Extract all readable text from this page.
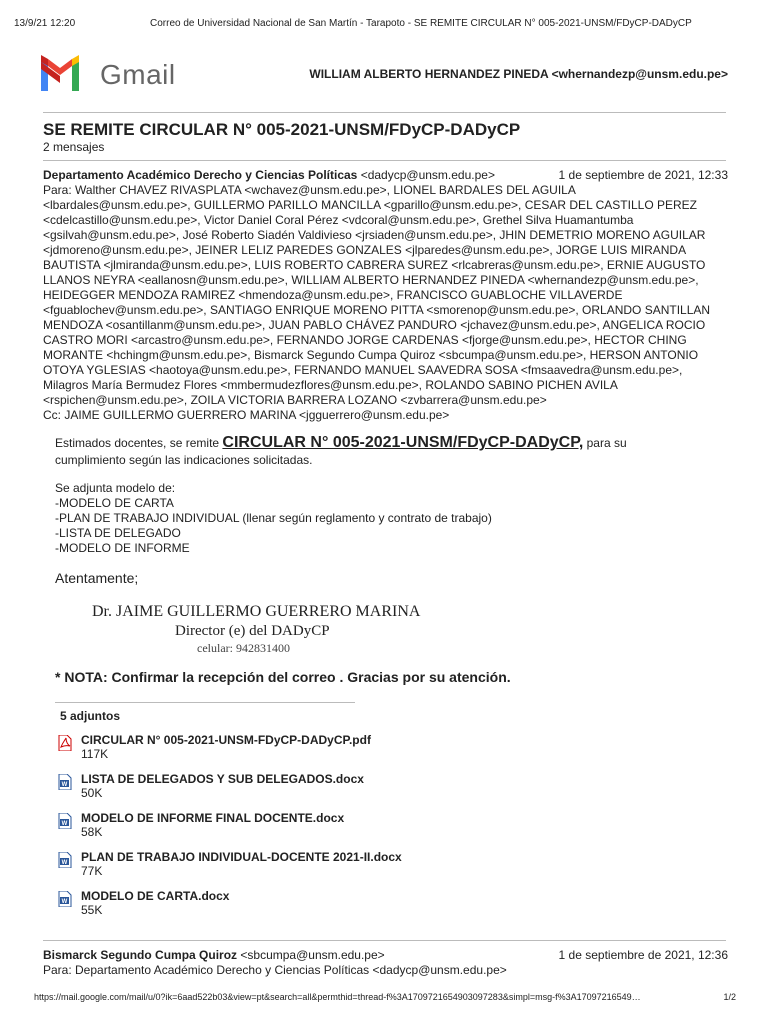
13/9/21 12:20	Correo de Universidad Nacional de San Martín - Tarapoto - SE REMITE CIRCULAR N° 005-2021-UNSM/FDyCP-DADyCP
Gmail	WILLIAM ALBERTO HERNANDEZ PINEDA <whernandezp@unsm.edu.pe>
SE REMITE CIRCULAR N° 005-2021-UNSM/FDyCP-DADyCP
2 mensajes
Departamento Académico Derecho y Ciencias Políticas <dadycp@unsm.edu.pe>	1 de septiembre de 2021, 12:33
Para: Walther CHAVEZ RIVASPLATA <wchavez@unsm.edu.pe>, LIONEL BARDALES DEL AGUILA
<lbardales@unsm.edu.pe>, GUILLERMO PARILLO MANCILLA <gparillo@unsm.edu.pe>, CESAR DEL CASTILLO PEREZ
<cdelcastillo@unsm.edu.pe>, Victor Daniel Coral Pérez <vdcoral@unsm.edu.pe>, Grethel Silva Huamantumba
<gsilvah@unsm.edu.pe>, José Roberto Siadén Valdivieso <jrsiaden@unsm.edu.pe>, JHIN DEMETRIO MORENO AGUILAR
<jdmoreno@unsm.edu.pe>, JEINER LELIZ PAREDES GONZALES <jlparedes@unsm.edu.pe>, JORGE LUIS MIRANDA
BAUTISTA <jlmiranda@unsm.edu.pe>, LUIS ROBERTO CABRERA SUREZ <rlcabreras@unsm.edu.pe>, ERNIE AUGUSTO
LLANOS NEYRA <eallanosn@unsm.edu.pe>, WILLIAM ALBERTO HERNANDEZ PINEDA <whernandezp@unsm.edu.pe>,
HEIDEGGER MENDOZA RAMIREZ <hmendoza@unsm.edu.pe>, FRANCISCO GUABLOCHE VILLAVERDE
<fguablochev@unsm.edu.pe>, SANTIAGO ENRIQUE MORENO PITTA <smorenop@unsm.edu.pe>, ORLANDO SANTILLAN
MENDOZA <osantillanm@unsm.edu.pe>, JUAN PABLO CHÁVEZ PANDURO <jchavez@unsm.edu.pe>, ANGELICA ROCIO
CASTRO MORI <arcastro@unsm.edu.pe>, FERNANDO JORGE CARDENAS <fjorge@unsm.edu.pe>, HECTOR CHING
MORANTE <hchingm@unsm.edu.pe>, Bismarck Segundo Cumpa Quiroz <sbcumpa@unsm.edu.pe>, HERSON ANTONIO
OTOYA YGLESIAS <haotoya@unsm.edu.pe>, FERNANDO MANUEL SAAVEDRA SOSA <fmsaavedra@unsm.edu.pe>,
Milagros María Bermudez Flores <mmbermudezflores@unsm.edu.pe>, ROLANDO SABINO PICHEN AVILA
<rspichen@unsm.edu.pe>, ZOILA VICTORIA BARRERA LOZANO <zvbarrera@unsm.edu.pe>
Cc: JAIME GUILLERMO GUERRERO MARINA <jgguerrero@unsm.edu.pe>
Estimados docentes, se remite CIRCULAR N° 005-2021-UNSM/FDyCP-DADyCP, para su
cumplimiento según las indicaciones solicitadas.
Se adjunta modelo de:
-MODELO DE CARTA
-PLAN DE TRABAJO INDIVIDUAL (llenar según reglamento y contrato de trabajo)
-LISTA DE DELEGADO
-MODELO DE INFORME
Atentamente;
Dr. JAIME GUILLERMO GUERRERO MARINA
Director (e) del DADyCP
celular: 942831400
* NOTA: Confirmar la recepción del correo . Gracias por su atención.
5 adjuntos
CIRCULAR N° 005-2021-UNSM-FDyCP-DADyCP.pdf
117K
W LISTA DE DELEGADOS Y SUB DELEGADOS.docx
50K
W MODELO DE INFORME FINAL DOCENTE.docx
58K
W PLAN DE TRABAJO INDIVIDUAL-DOCENTE 2021-II.docx
77K
W MODELO DE CARTA.docx
55K
Bismarck Segundo Cumpa Quiroz <sbcumpa@unsm.edu.pe>	1 de septiembre de 2021, 12:36
Para: Departamento Académico Derecho y Ciencias Políticas <dadycp@unsm.edu.pe>
https://mail.google.com/mail/u/0?ik=6aad522b03&view=pt&search=all&permthid=thread-f%3A1709721654903097283&simpl=msg-f%3A17097216549…	1/2
